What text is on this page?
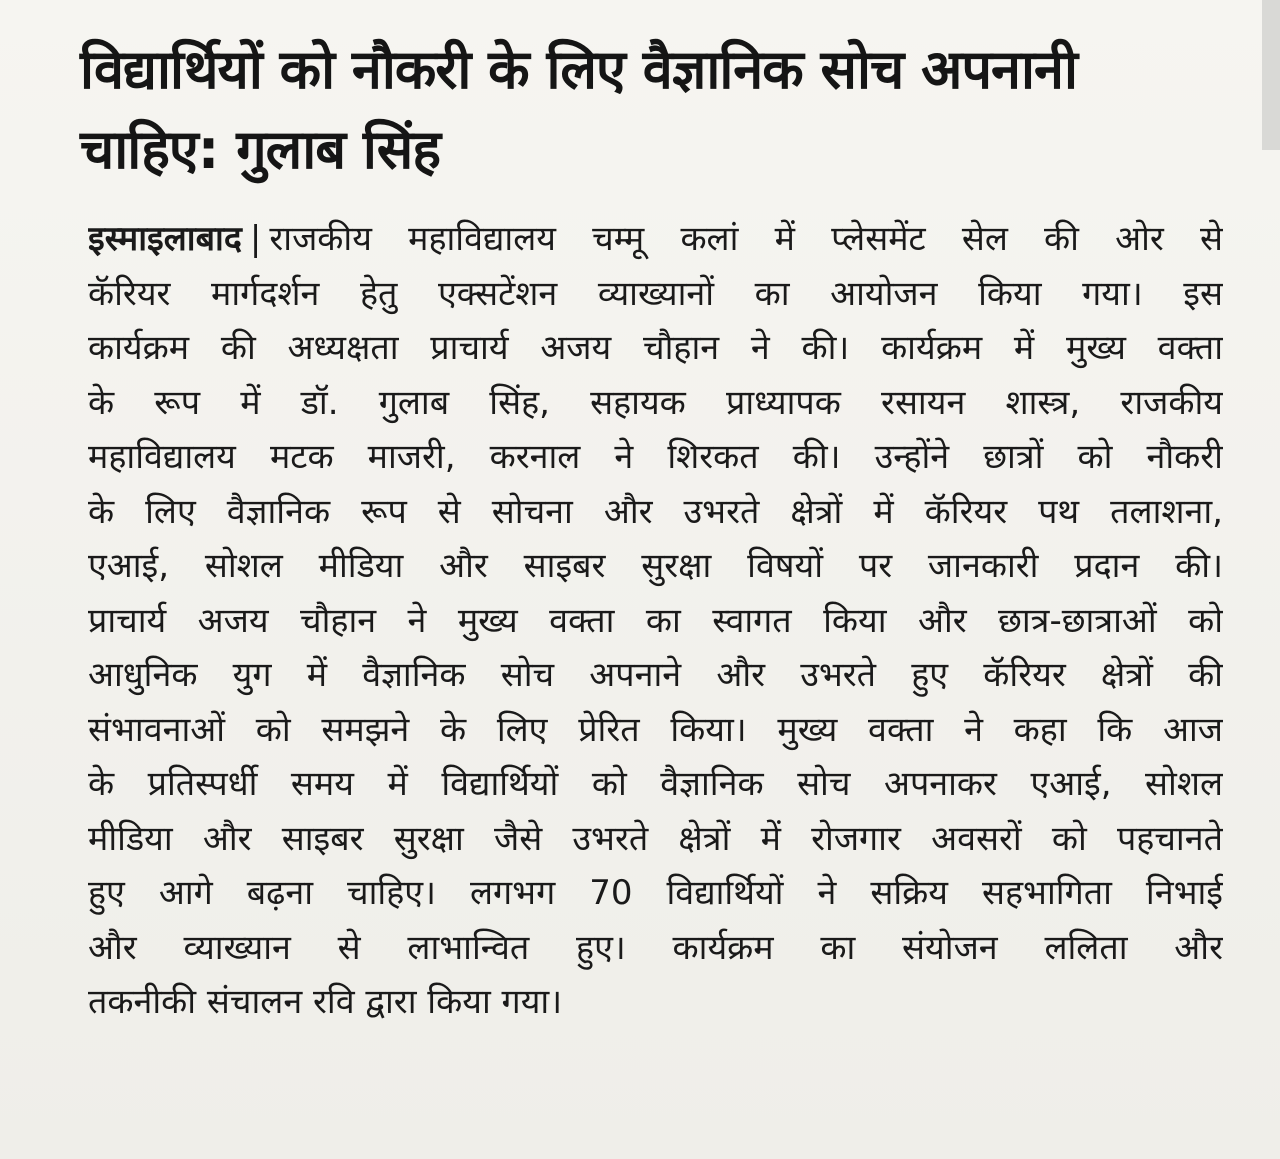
विद्यार्थियों को नौकरी के लिए वैज्ञानिक सोच अपनानी
चाहिए: गुलाब सिंह
इस्माइलाबाद | राजकीय महाविद्यालय चम्मू कलां में प्लेसमेंट सेल की ओर से
कॅरियर मार्गदर्शन हेतु एक्सटेंशन व्याख्यानों का आयोजन किया गया। इस
कार्यक्रम की अध्यक्षता प्राचार्य अजय चौहान ने की। कार्यक्रम में मुख्य वक्ता
के रूप में डॉ. गुलाब सिंह, सहायक प्राध्यापक रसायन शास्त्र, राजकीय
महाविद्यालय मटक माजरी, करनाल ने शिरकत की। उन्होंने छात्रों को नौकरी
के लिए वैज्ञानिक रूप से सोचना और उभरते क्षेत्रों में कॅरियर पथ तलाशना,
एआई, सोशल मीडिया और साइबर सुरक्षा विषयों पर जानकारी प्रदान की।
प्राचार्य अजय चौहान ने मुख्य वक्ता का स्वागत किया और छात्र-छात्राओं को
आधुनिक युग में वैज्ञानिक सोच अपनाने और उभरते हुए कॅरियर क्षेत्रों की
संभावनाओं को समझने के लिए प्रेरित किया। मुख्य वक्ता ने कहा कि आज
के प्रतिस्पर्धी समय में विद्यार्थियों को वैज्ञानिक सोच अपनाकर एआई, सोशल
मीडिया और साइबर सुरक्षा जैसे उभरते क्षेत्रों में रोजगार अवसरों को पहचानते
हुए आगे बढ़ना चाहिए। लगभग 70 विद्यार्थियों ने सक्रिय सहभागिता निभाई
और व्याख्यान से लाभान्वित हुए। कार्यक्रम का संयोजन ललिता और
तकनीकी संचालन रवि द्वारा किया गया।
